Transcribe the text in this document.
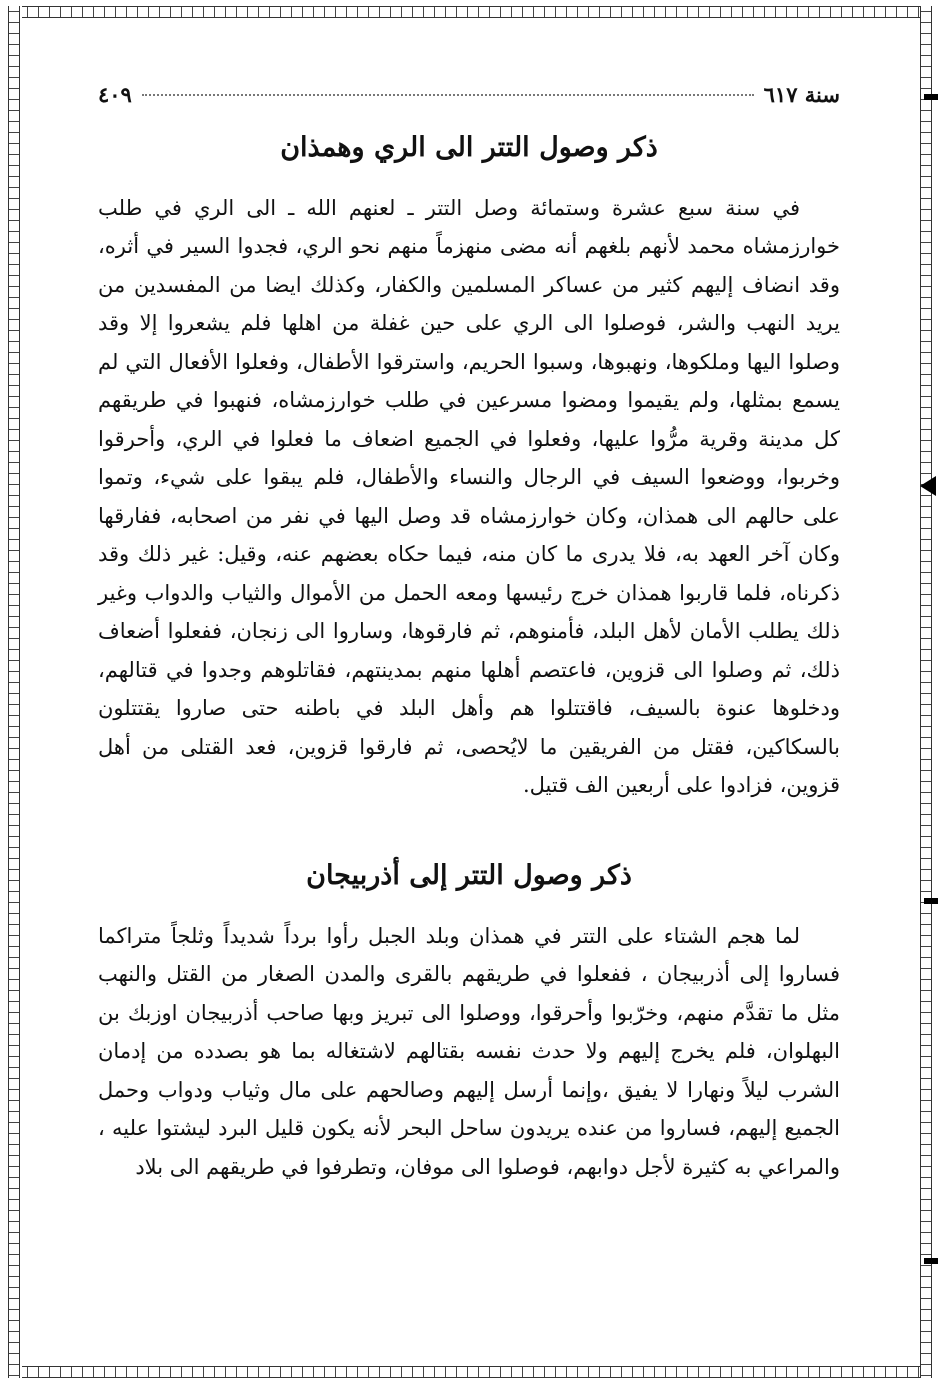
سنة ٦١٧
٤٠٩
ذكر وصول التتر الى الري وهمذان

في سنة سبع عشرة وستمائة وصل التتر ـ لعنهم الله ـ الى الري في طلب خوارزمشاه محمد لأنهم بلغهم أنه مضى منهزماً منهم نحو الري، فجدوا السير في أثره، وقد انضاف إليهم كثير من عساكر المسلمين والكفار، وكذلك ايضا من المفسدين من يريد النهب والشر، فوصلوا الى الري على حين غفلة من اهلها فلم يشعروا إلا وقد وصلوا اليها وملكوها، ونهبوها، وسبوا الحريم، واسترقوا الأطفال، وفعلوا الأفعال التي لم يسمع بمثلها، ولم يقيموا ومضوا مسرعين في طلب خوارزمشاه، فنهبوا في طريقهم كل مدينة وقرية مرُّوا عليها، وفعلوا في الجميع اضعاف ما فعلوا في الري، وأحرقوا وخربوا، ووضعوا السيف في الرجال والنساء والأطفال، فلم يبقوا على شيء، وتموا على حالهم الى همذان، وكان خوارزمشاه قد وصل اليها في نفر من اصحابه، ففارقها وكان آخر العهد به، فلا يدرى ما كان منه، فيما حكاه بعضهم عنه، وقيل: غير ذلك وقد ذكرناه، فلما قاربوا همذان خرج رئيسها ومعه الحمل من الأموال والثياب والدواب وغير ذلك يطلب الأمان لأهل البلد، فأمنوهم، ثم فارقوها، وساروا الى زنجان، ففعلوا أضعاف ذلك، ثم وصلوا الى قزوين، فاعتصم أهلها منهم بمدينتهم، فقاتلوهم وجدوا في قتالهم، ودخلوها عنوة بالسيف، فاقتتلوا هم وأهل البلد في باطنه حتى صاروا يقتتلون بالسكاكين، فقتل من الفريقين ما لايُحصى، ثم فارقوا قزوين، فعد القتلى من أهل قزوين، فزادوا على أربعين الف قتيل.

ذكر وصول التتر إلى أذربيجان

لما هجم الشتاء على التتر في همذان وبلد الجبل رأوا برداً شديداً وثلجاً متراكما فساروا إلى أذربيجان ، ففعلوا في طريقهم بالقرى والمدن الصغار من القتل والنهب مثل ما تقدَّم منهم، وخرّبوا وأحرقوا، ووصلوا الى تبريز وبها صاحب أذربيجان اوزبك بن البهلوان، فلم يخرج إليهم ولا حدث نفسه بقتالهم لاشتغاله بما هو بصدده من إدمان الشرب ليلاً ونهارا لا يفيق ،وإنما أرسل إليهم وصالحهم على مال وثياب ودواب وحمل الجميع إليهم، فساروا من عنده يريدون ساحل البحر لأنه يكون قليل البرد ليشتوا عليه ، والمراعي به كثيرة لأجل دوابهم، فوصلوا الى موفان، وتطرفوا في طريقهم الى بلاد
